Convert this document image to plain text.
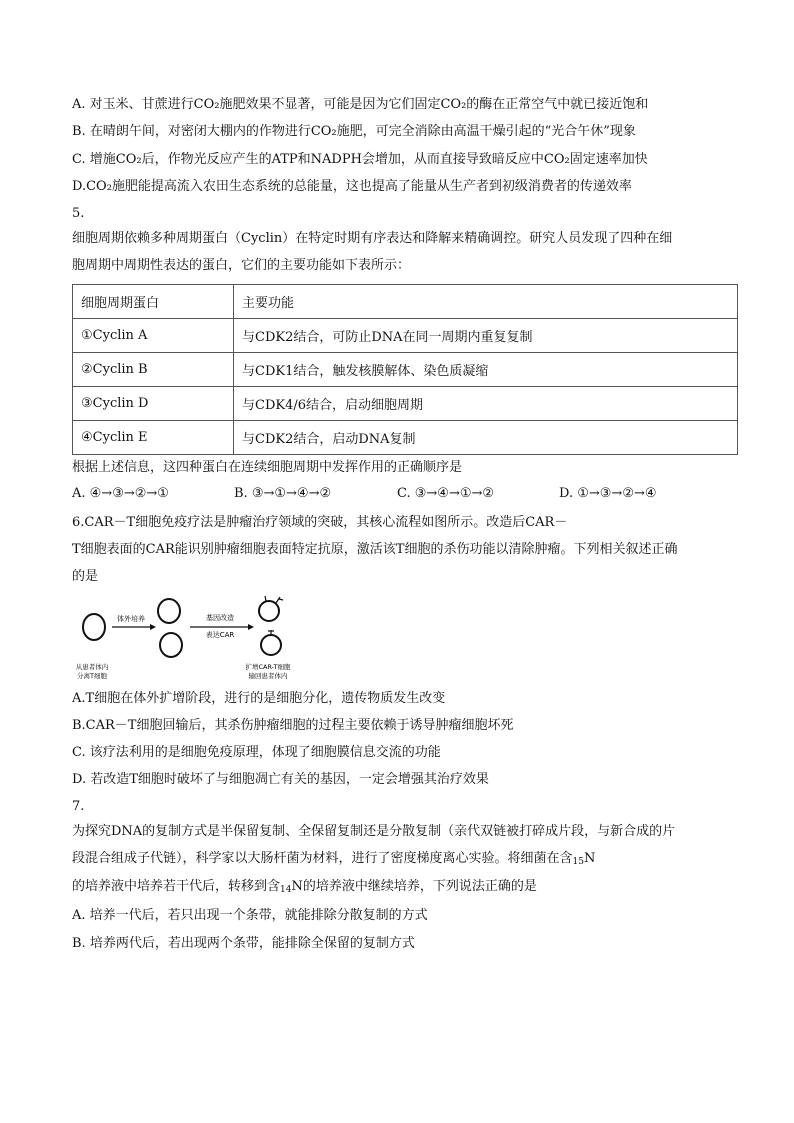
A. 对玉米、甘蔗进行CO₂施肥效果不显著，可能是因为它们固定CO₂的酶在正常空气中就已接近饱和
B. 在晴朗午间，对密闭大棚内的作物进行CO₂施肥，可完全消除由高温干燥引起的“光合午休”现象
C. 增施CO₂后，作物光反应产生的ATP和NADPH会增加，从而直接导致暗反应中CO₂固定速率加快
D.CO₂施肥能提高流入农田生态系统的总能量，这也提高了能量从生产者到初级消费者的传递效率
5.
细胞周期依赖多种周期蛋白（Cyclin）在特定时期有序表达和降解来精确调控。研究人员发现了四种在细
胞周期中周期性表达的蛋白，它们的主要功能如下表所示：
细胞周期蛋白	主要功能
①Cyclin A	与CDK2结合，可防止DNA在同一周期内重复复制
②Cyclin B	与CDK1结合，触发核膜解体、染色质凝缩
③Cyclin D	与CDK4/6结合，启动细胞周期
④Cyclin E	与CDK2结合，启动DNA复制
根据上述信息，这四种蛋白在连续细胞周期中发挥作用的正确顺序是
A. ④→③→②→①	B. ③→①→④→②	C. ③→④→①→②	D. ①→③→②→④
6.CAR－T细胞免疫疗法是肿瘤治疗领域的突破，其核心流程如图所示。改造后CAR－
T细胞表面的CAR能识别肿瘤细胞表面特定抗原，激活该T细胞的杀伤功能以清除肿瘤。下列相关叙述正确
的是
体外培养	基因改造
表达CAR
从患者体内
分离T细胞
扩增CAR-T细胞
输回患者体内
A.T细胞在体外扩增阶段，进行的是细胞分化，遗传物质发生改变
B.CAR－T细胞回输后，其杀伤肿瘤细胞的过程主要依赖于诱导肿瘤细胞坏死
C. 该疗法利用的是细胞免疫原理，体现了细胞膜信息交流的功能
D. 若改造T细胞时破坏了与细胞凋亡有关的基因，一定会增强其治疗效果
7.
为探究DNA的复制方式是半保留复制、全保留复制还是分散复制（亲代双链被打碎成片段，与新合成的片
段混合组成子代链），科学家以大肠杆菌为材料，进行了密度梯度离心实验。将细菌在含$_{15}$N
的培养液中培养若干代后，转移到含$_{14}$N的培养液中继续培养，下列说法正确的是
A. 培养一代后，若只出现一个条带，就能排除分散复制的方式
B. 培养两代后，若出现两个条带，能排除全保留的复制方式
